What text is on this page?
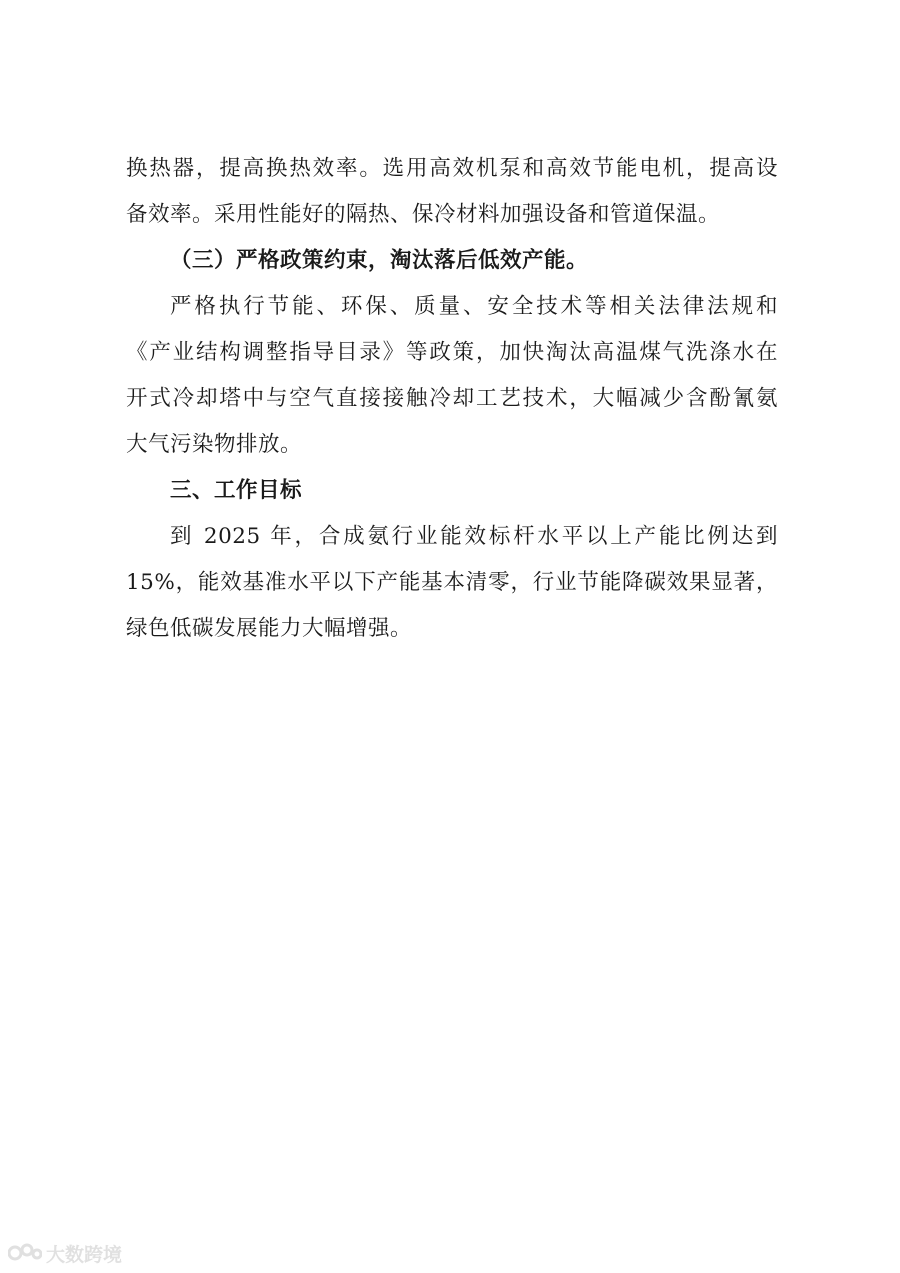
换热器，提高换热效率。选用高效机泵和高效节能电机，提高设
备效率。采用性能好的隔热、保冷材料加强设备和管道保温。
（三）严格政策约束，淘汰落后低效产能。
严格执行节能、环保、质量、安全技术等相关法律法规和
《产业结构调整指导目录》等政策，加快淘汰高温煤气洗涤水在
开式冷却塔中与空气直接接触冷却工艺技术，大幅减少含酚氰氨
大气污染物排放。
三、工作目标
到 2025 年，合成氨行业能效标杆水平以上产能比例达到
15%，能效基准水平以下产能基本清零，行业节能降碳效果显著，
绿色低碳发展能力大幅增强。
大数跨境
